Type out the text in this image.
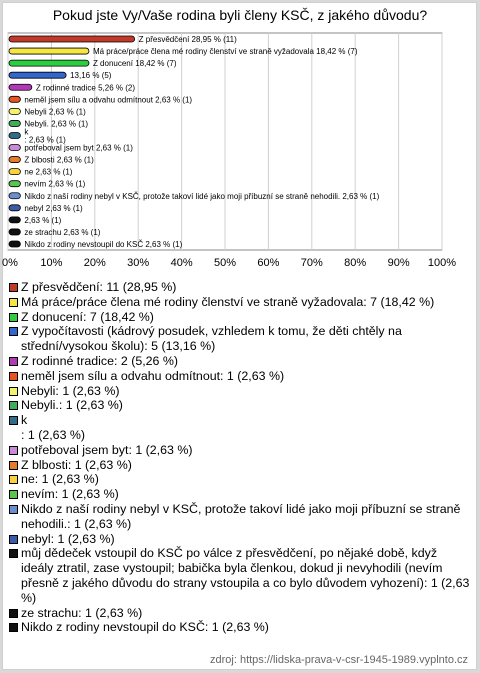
Pokud jste Vy/Vaše rodina byli členy KSČ, z jakého důvodu?
0% 10% 20% 30% 40% 50% 60% 70% 80% 90% 100%
Z přesvědčení 28,95 % (11)
Má práce/práce člena mé rodiny členství ve straně vyžadovala 18,42 % (7)
Z donucení 18,42 % (7)
13,16 % (5)
Z rodinné tradice 5,26 % (2)
neměl jsem sílu a odvahu odmítnout 2,63 % (1)
Nebyli 2,63 % (1)
Nebyli. 2,63 % (1)
k : 2,63 % (1)
potřeboval jsem byt 2,63 % (1)
Z blbosti 2,63 % (1)
ne 2,63 % (1)
nevím 2,63 % (1)
Nikdo z naší rodiny nebyl v KSČ, protože takoví lidé jako moji příbuzní se straně nehodili. 2,63 % (1)
nebyl 2,63 % (1)
2,63 % (1)
ze strachu 2,63 % (1)
Nikdo z rodiny nevstoupil do KSČ 2,63 % (1)
Z přesvědčení: 11 (28,95 %)
Má práce/práce člena mé rodiny členství ve straně vyžadovala: 7 (18,42 %)
Z donucení: 7 (18,42 %)
Z vypočítavosti (kádrový posudek, vzhledem k tomu, že děti chtěly na střední/vysokou školu): 5 (13,16 %)
Z rodinné tradice: 2 (5,26 %)
neměl jsem sílu a odvahu odmítnout: 1 (2,63 %)
Nebyli: 1 (2,63 %)
Nebyli.: 1 (2,63 %)
k
: 1 (2,63 %)
potřeboval jsem byt: 1 (2,63 %)
Z blbosti: 1 (2,63 %)
ne: 1 (2,63 %)
nevím: 1 (2,63 %)
Nikdo z naší rodiny nebyl v KSČ, protože takoví lidé jako moji příbuzní se straně nehodili.: 1 (2,63 %)
nebyl: 1 (2,63 %)
můj dědeček vstoupil do KSČ po válce z přesvědčení, po nějaké době, když ideály ztratil, zase vystoupil; babička byla členkou, dokud ji nevyhodili (nevím přesně z jakého důvodu do strany vstoupila a co bylo důvodem vyhození): 1 (2,63 %)
ze strachu: 1 (2,63 %)
Nikdo z rodiny nevstoupil do KSČ: 1 (2,63 %)
zdroj: https://lidska-prava-v-csr-1945-1989.vyplnto.cz
